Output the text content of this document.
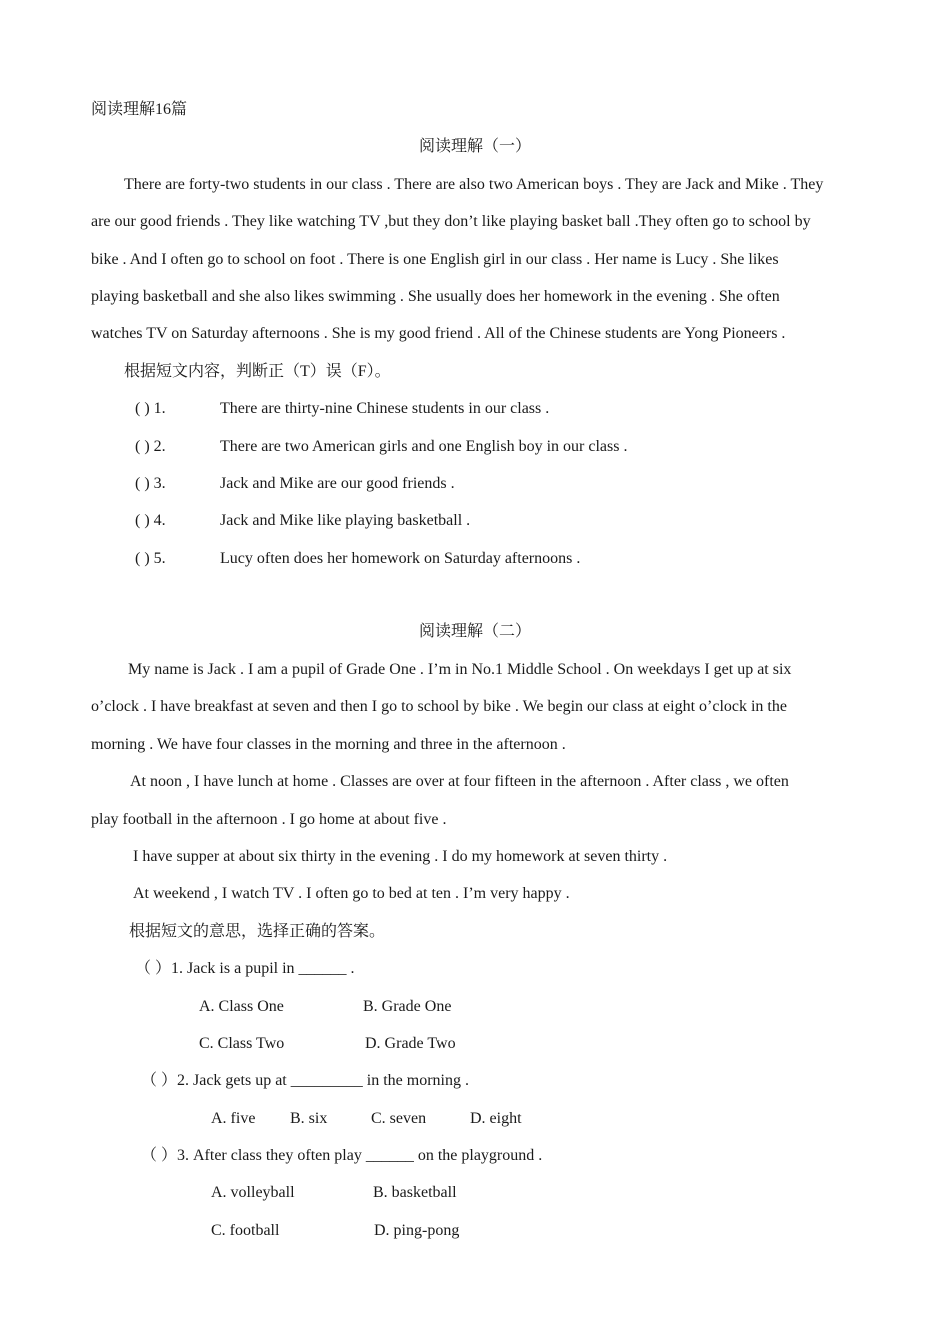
阅读理解16篇
阅读理解（一）
There are forty-two students in our class . There are also two American boys . They are Jack and Mike . They
are our good friends . They like watching TV ,but they don’t like playing basket ball .They often go to school by
bike . And I often go to school on foot . There is one English girl in our class . Her name is Lucy . She likes
playing basketball and she also likes swimming . She usually does her homework in the evening . She often
watches TV on Saturday afternoons . She is my good friend . All of the Chinese students are Yong Pioneers .
根据短文内容，判断正（T）误（F）。
( ) 1.	There are thirty-nine Chinese students in our class .
( ) 2.	There are two American girls and one English boy in our class .
( ) 3.	Jack and Mike are our good friends .
( ) 4.	Jack and Mike like playing basketball .
( ) 5.	Lucy often does her homework on Saturday afternoons .
阅读理解（二）
My name is Jack . I am a pupil of Grade One . I’m in No.1 Middle School . On weekdays I get up at six
o’clock . I have breakfast at seven and then I go to school by bike . We begin our class at eight o’clock in the
morning . We have four classes in the morning and three in the afternoon .
At noon , I have lunch at home . Classes are over at four fifteen in the afternoon . After class , we often
play football in the afternoon . I go home at about five .
I have supper at about six thirty in the evening . I do my homework at seven thirty .
At weekend , I watch TV . I often go to bed at ten . I’m very happy .
根据短文的意思，选择正确的答案。
（ ）1. Jack is a pupil in ______ .
A. Class One	B. Grade One
C. Class Two	D. Grade Two
（ ）2. Jack gets up at _________ in the morning .
A. five B. six	C. seven	D. eight
（ ）3. After class they often play ______ on the playground .
A. volleyball	B. basketball
C. football	D. ping-pong
